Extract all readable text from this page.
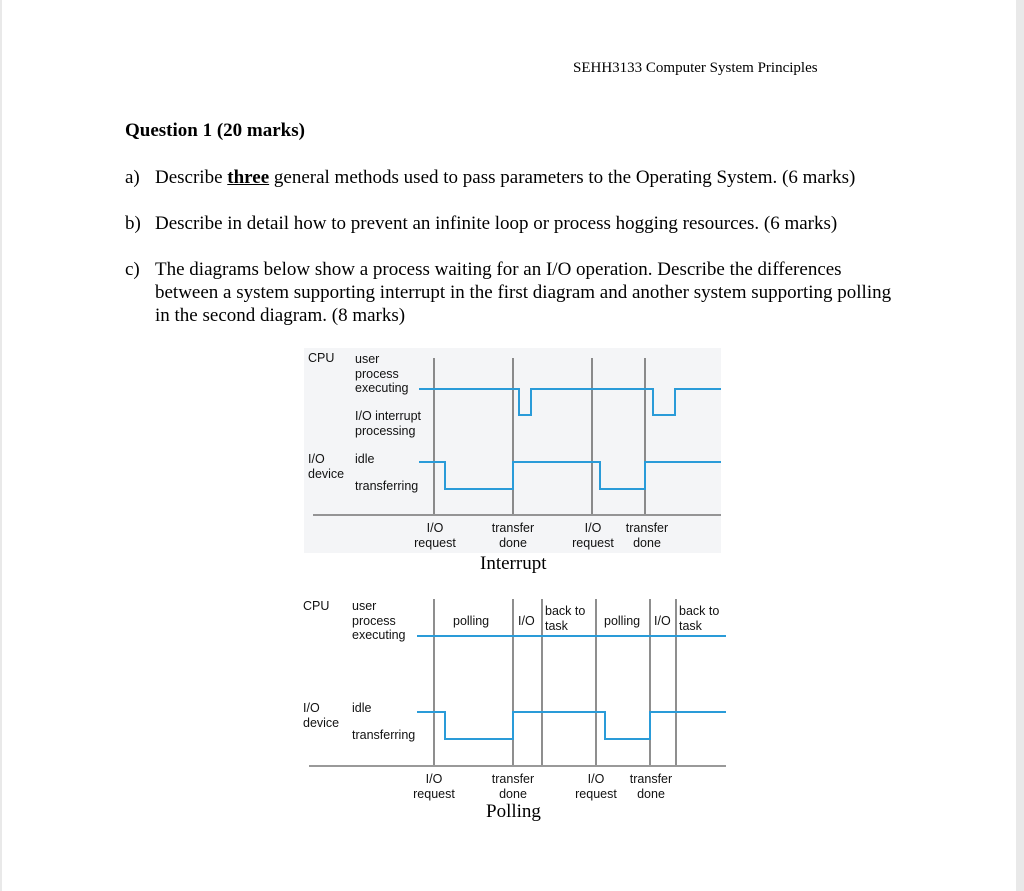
SEHH3133 Computer System Principles
Question 1 (20 marks)
a) Describe three general methods used to pass parameters to the Operating System. (6 marks)
b) Describe in detail how to prevent an infinite loop or process hogging resources. (6 marks)
c) The diagrams below show a process waiting for an I/O operation. Describe the differences between a system supporting interrupt in the first diagram and another system supporting polling in the second diagram. (8 marks)
CPU user
process
executing
I/O interrupt
processing
I/O
device
idle
transferring
I/O
request
transfer
done
I/O
request
transfer
done
Interrupt
CPU user
process
executing
polling I/O
back to
task	polling I/O
back to
task
I/O
device
idle
transferring
I/O
request
transfer
done
I/O
request
transfer
done
Polling
